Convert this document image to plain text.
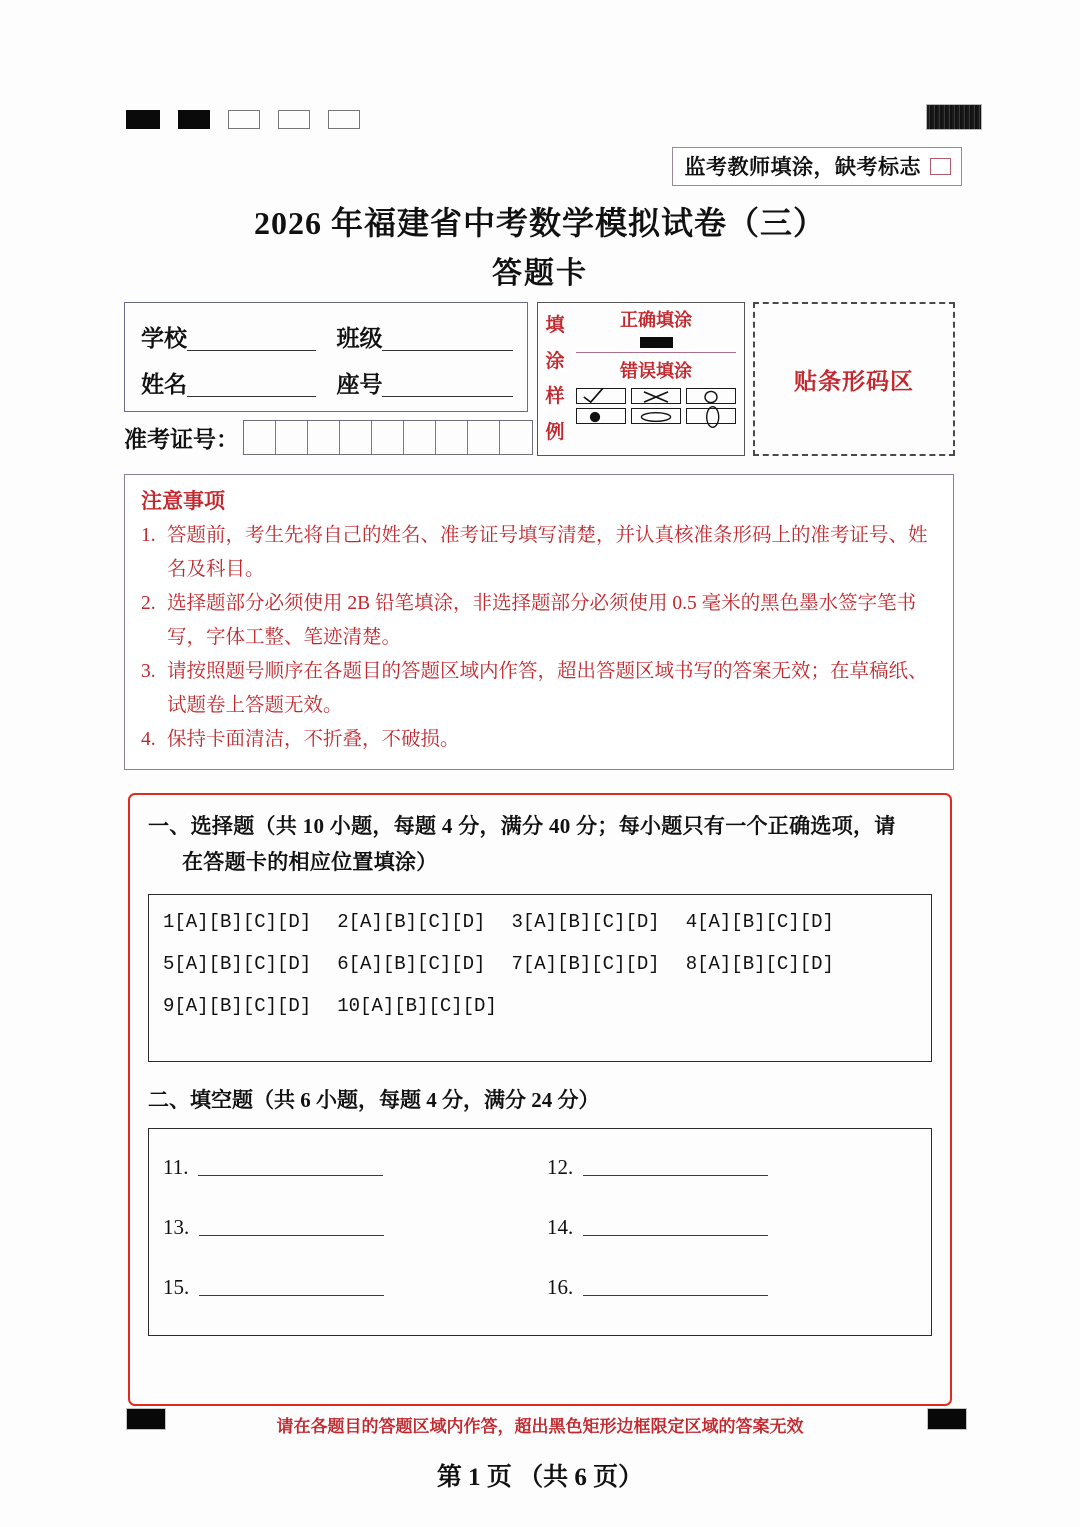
监考教师填涂，缺考标志
2026 年福建省中考数学模拟试卷（三）
答题卡
学校	班级
姓名	座号
准考证号：
填
涂
样
例
正确填涂
错误填涂	贴条形码区
注意事项
1. 答题前，考生先将自己的姓名、准考证号填写清楚，并认真核准条形码上的准考证号、姓名及科目。
2. 选择题部分必须使用 2B 铅笔填涂，非选择题部分必须使用 0.5 毫米的黑色墨水签字笔书写，字体工整、笔迹清楚。
3. 请按照题号顺序在各题目的答题区域内作答，超出答题区域书写的答案无效；在草稿纸、试题卷上答题无效。
4. 保持卡面清洁，不折叠，不破损。
一、选择题（共 10 小题，每题 4 分，满分 40 分；每小题只有一个正确选项，请
在答题卡的相应位置填涂）
1[A][B][C][D] 2[A][B][C][D] 3[A][B][C][D] 4[A][B][C][D]
5[A][B][C][D] 6[A][B][C][D] 7[A][B][C][D] 8[A][B][C][D]
9[A][B][C][D] 10[A][B][C][D]
二、填空题（共 6 小题，每题 4 分，满分 24 分）
11.	12.
13.	14.
15.	16.
请在各题目的答题区域内作答，超出黑色矩形边框限定区域的答案无效
第 1 页 （共 6 页）
